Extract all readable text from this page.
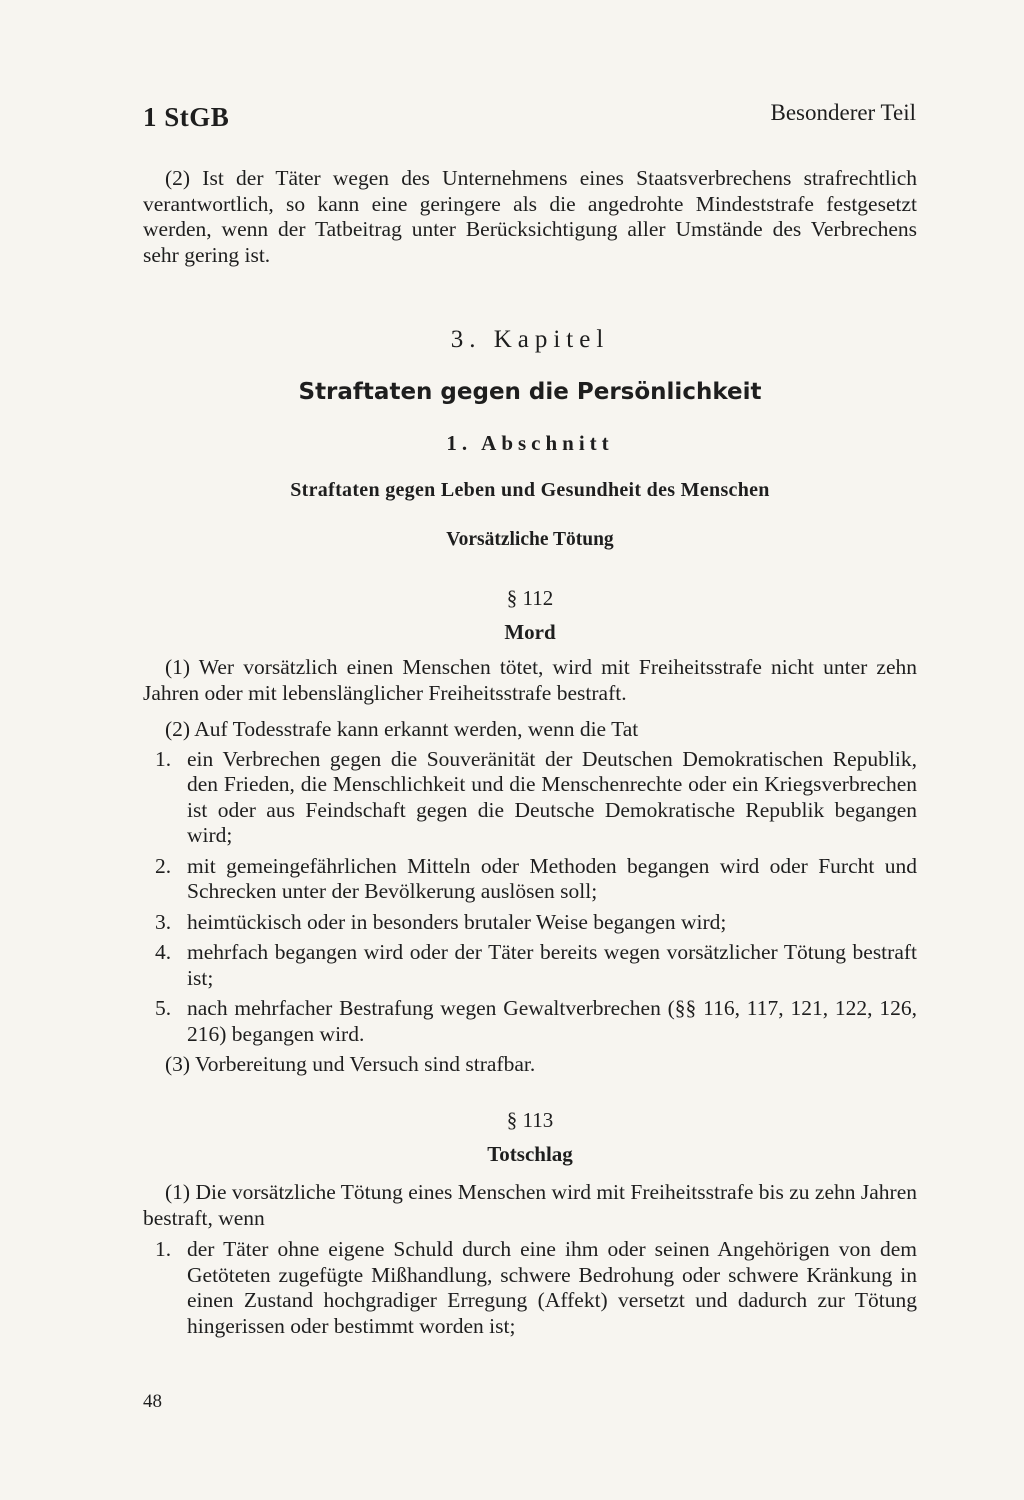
1 StGB	Besonderer Teil

(2) Ist der Täter wegen des Unternehmens eines Staatsverbrechens strafrechtlich verantwortlich, so kann eine geringere als die angedrohte Mindeststrafe festgesetzt werden, wenn der Tatbeitrag unter Berücksichtigung aller Umstände des Verbrechens sehr gering ist.

3. Kapitel
Straftaten gegen die Persönlichkeit
1. Abschnitt
Straftaten gegen Leben und Gesundheit des Menschen
Vorsätzliche Tötung
§ 112
Mord

(1) Wer vorsätzlich einen Menschen tötet, wird mit Freiheitsstrafe nicht unter zehn Jahren oder mit lebenslänglicher Freiheitsstrafe bestraft.

(2) Auf Todesstrafe kann erkannt werden, wenn die Tat

1. ein Verbrechen gegen die Souveränität der Deutschen Demokratischen Republik, den Frieden, die Menschlichkeit und die Menschenrechte oder ein Kriegsverbrechen ist oder aus Feindschaft gegen die Deutsche Demokratische Republik begangen wird;
2. mit gemeingefährlichen Mitteln oder Methoden begangen wird oder Furcht und Schrecken unter der Bevölkerung auslösen soll;
3. heimtückisch oder in besonders brutaler Weise begangen wird;
4. mehrfach begangen wird oder der Täter bereits wegen vorsätzlicher Tötung bestraft ist;
5. nach mehrfacher Bestrafung wegen Gewaltverbrechen (§§ 116, 117, 121, 122, 126, 216) begangen wird.

(3) Vorbereitung und Versuch sind strafbar.

§ 113
Totschlag

(1) Die vorsätzliche Tötung eines Menschen wird mit Freiheitsstrafe bis zu zehn Jahren bestraft, wenn

1. der Täter ohne eigene Schuld durch eine ihm oder seinen Angehörigen von dem Getöteten zugefügte Mißhandlung, schwere Bedrohung oder schwere Kränkung in einen Zustand hochgradiger Erregung (Affekt) versetzt und dadurch zur Tötung hingerissen oder bestimmt worden ist;
48
